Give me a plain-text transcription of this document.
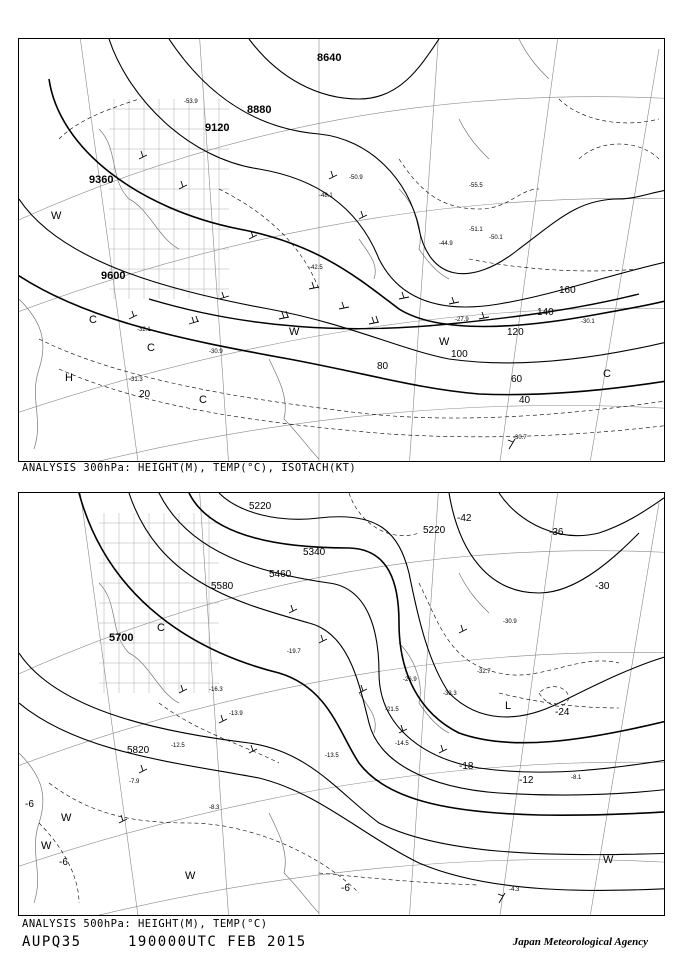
8640
8880
9120
9360
9600
20
40
60
80
100
120
140
160
-27.9	-30.1
-30.7
-32.1
-30.9
-31.3
-55.5
-53.9
-51.1
-48.1
-44.9
-42.5
-50.1
-50.9
H
C
C
C
C
W
W
W
ANALYSIS 300hPa: HEIGHT(M), TEMP(°C), ISOTACH(KT)
5220
5220
5340
5460
5580
5700
5820
-42
-36
-30
-24
-18
-12
-6
-6
-6
-30.9
-32.7
-33.3
-26.9
-21.5
-14.5
-13.5
-8.1
-8.3
-4.3
-7.9
-12.5
-13.9
-16.3
-19.7
L
C
W
W
W
W
ANALYSIS 500hPa: HEIGHT(M), TEMP(°C)
AUPQ35	190000UTC FEB 2015	Japan Meteorological Agency
